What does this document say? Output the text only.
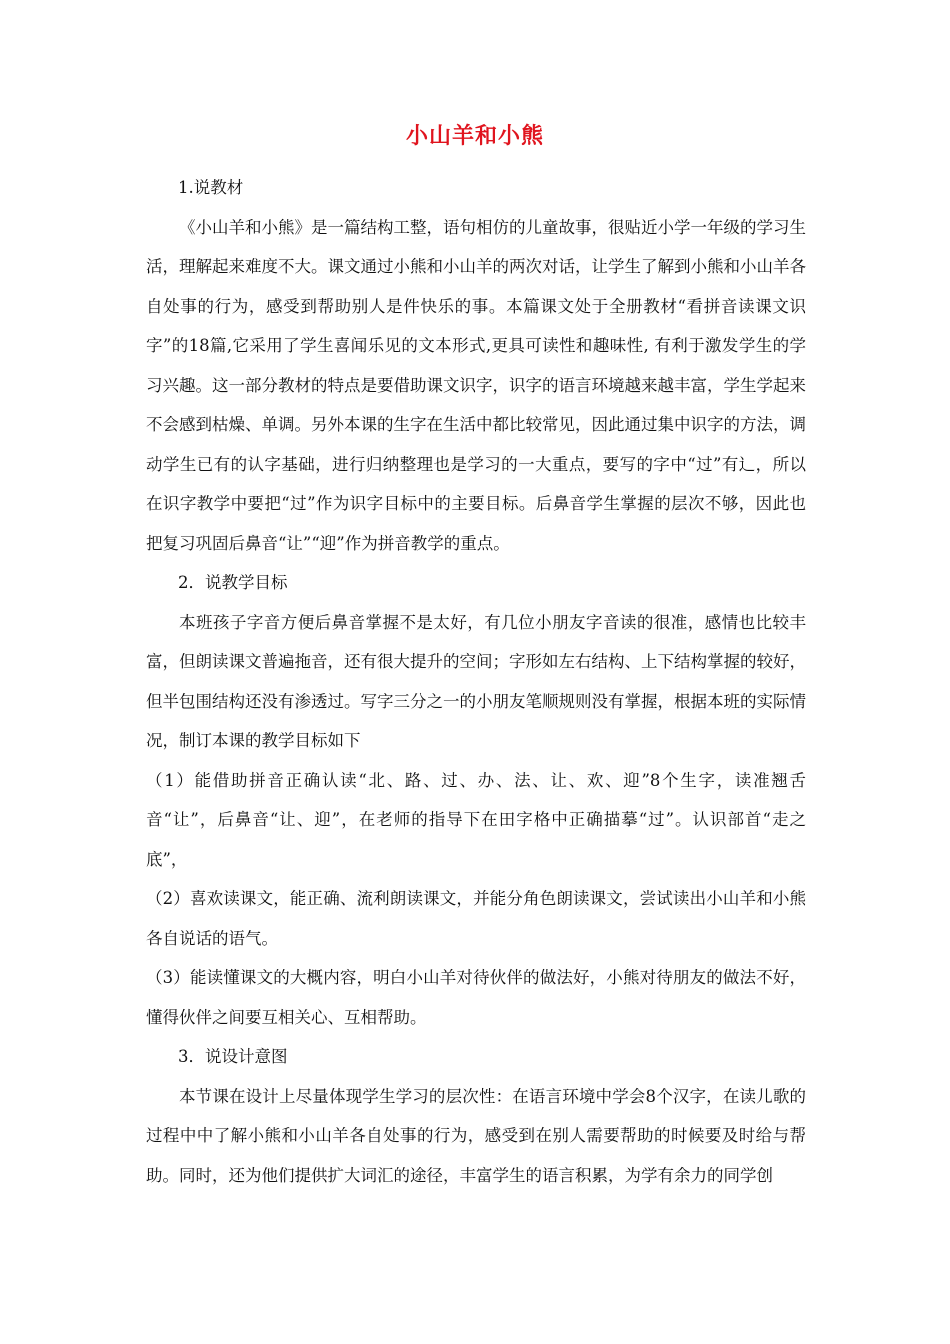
小山羊和小熊

1.说教材

《小山羊和小熊》是一篇结构工整，语句相仿的儿童故事，很贴近小学一年级的学习生活，理解起来难度不大。课文通过小熊和小山羊的两次对话，让学生了解到小熊和小山羊各自处事的行为，感受到帮助别人是件快乐的事。本篇课文处于全册教材“看拼音读课文识字”的18篇,它采用了学生喜闻乐见的文本形式,更具可读性和趣味性, 有利于激发学生的学习兴趣。这一部分教材的特点是要借助课文识字，识字的语言环境越来越丰富，学生学起来不会感到枯燥、单调。另外本课的生字在生活中都比较常见，因此通过集中识字的方法，调动学生已有的认字基础，进行归纳整理也是学习的一大重点，要写的字中“过”有辶，所以在识字教学中要把“过”作为识字目标中的主要目标。后鼻音学生掌握的层次不够，因此也把复习巩固后鼻音“让”“迎”作为拼音教学的重点。

2．说教学目标

本班孩子字音方便后鼻音掌握不是太好，有几位小朋友字音读的很准，感情也比较丰富，但朗读课文普遍拖音，还有很大提升的空间；字形如左右结构、上下结构掌握的较好，但半包围结构还没有渗透过。写字三分之一的小朋友笔顺规则没有掌握，根据本班的实际情况，制订本课的教学目标如下

（1）能借助拼音正确认读“北、路、过、办、法、让、欢、迎”8个生字，读准翘舌音“让”，后鼻音“让、迎”，在老师的指导下在田字格中正确描摹“过”。认识部首“走之底”，

（2）喜欢读课文，能正确、流利朗读课文，并能分角色朗读课文，尝试读出小山羊和小熊各自说话的语气。

（3）能读懂课文的大概内容，明白小山羊对待伙伴的做法好，小熊对待朋友的做法不好，懂得伙伴之间要互相关心、互相帮助。

3．说设计意图

本节课在设计上尽量体现学生学习的层次性：在语言环境中学会8个汉字，在读儿歌的过程中中了解小熊和小山羊各自处事的行为，感受到在别人需要帮助的时候要及时给与帮助。同时，还为他们提供扩大词汇的途径，丰富学生的语言积累，为学有余力的同学创
